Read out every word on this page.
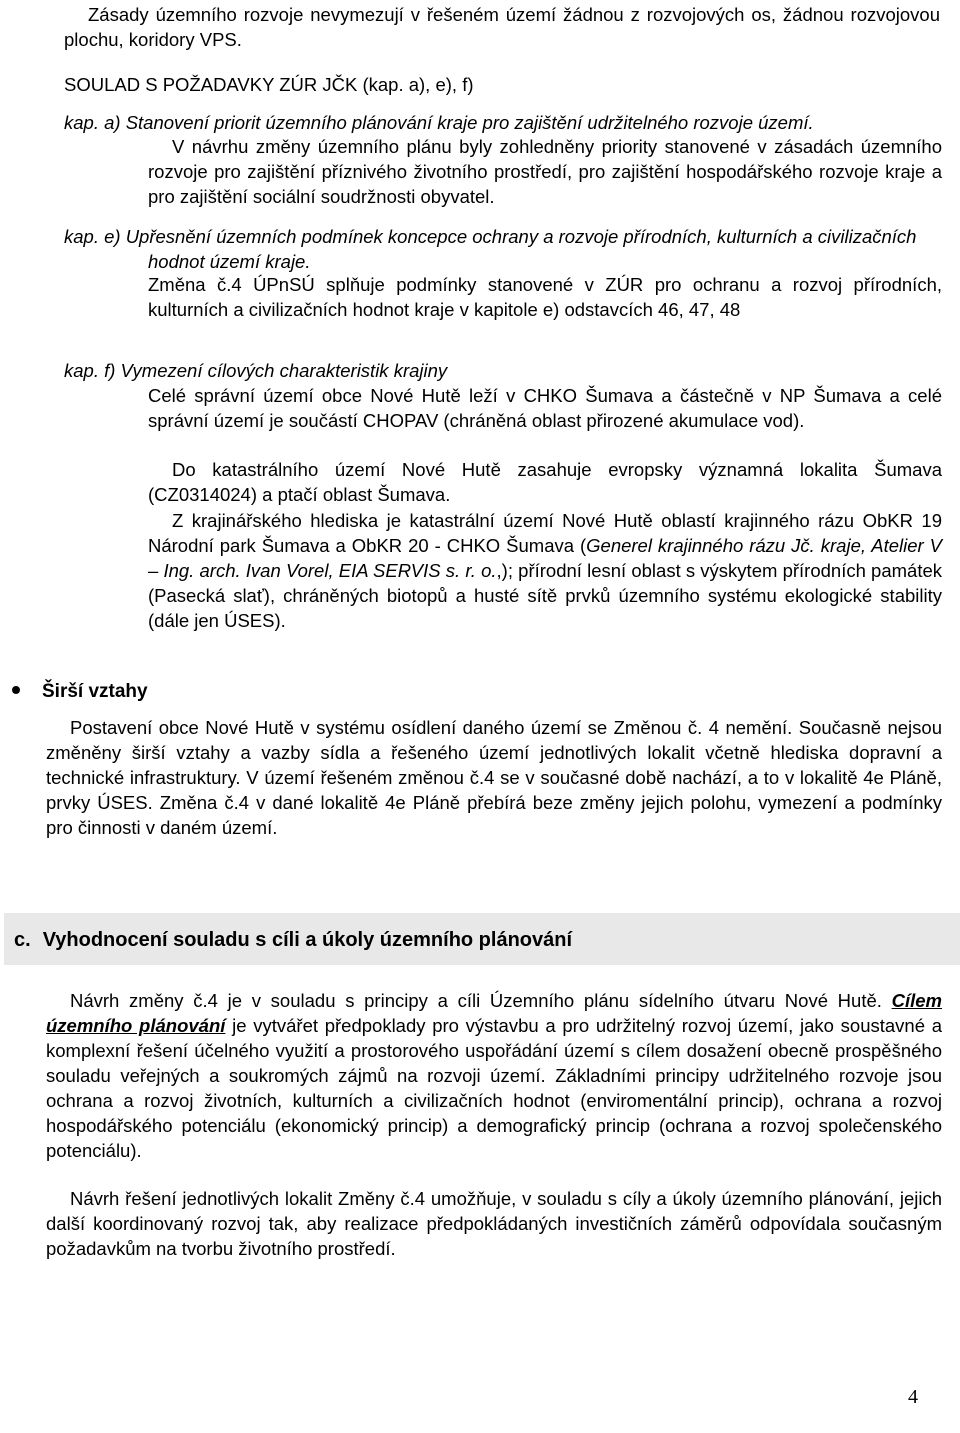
Zásady územního rozvoje nevymezují v řešeném území žádnou z rozvojových os, žádnou rozvojovou plochu, koridory VPS.

SOULAD S POŽADAVKY ZÚR JČK (kap. a), e), f)

kap. a) Stanovení priorit územního plánování kraje pro zajištění udržitelného rozvoje území.

V návrhu změny územního plánu byly zohledněny priority stanovené v zásadách územního rozvoje pro zajištění příznivého životního prostředí, pro zajištění hospodářského rozvoje kraje a pro zajištění sociální soudržnosti obyvatel.

kap. e) Upřesnění územních podmínek koncepce ochrany a rozvoje přírodních, kulturních a civilizačních hodnot území kraje.

Změna č.4 ÚPnSÚ splňuje podmínky stanovené v ZÚR pro ochranu a rozvoj přírodních, kulturních a civilizačních hodnot kraje v kapitole e) odstavcích 46, 47, 48

kap. f) Vymezení cílových charakteristik krajiny

Celé správní území obce Nové Hutě leží v CHKO Šumava a částečně v NP Šumava a celé správní území je součástí CHOPAV (chráněná oblast přirozené akumulace vod).

Do katastrálního území Nové Hutě zasahuje evropsky významná lokalita Šumava (CZ0314024) a ptačí oblast Šumava.

Z krajinářského hlediska je katastrální území Nové Hutě oblastí krajinného rázu ObKR 19 Národní park Šumava a ObKR 20 - CHKO Šumava (Generel krajinného rázu Jč. kraje, Atelier V – Ing. arch. Ivan Vorel, EIA SERVIS s. r. o.,); přírodní lesní oblast s výskytem přírodních památek (Pasecká slať), chráněných biotopů a husté sítě prvků územního systému ekologické stability (dále jen ÚSES).

Širší vztahy

Postavení obce Nové Hutě v systému osídlení daného území se Změnou č. 4 nemění. Současně nejsou změněny širší vztahy a vazby sídla a řešeného území jednotlivých lokalit včetně hlediska dopravní a technické infrastruktury. V území řešeném změnou č.4 se v současné době nachází, a to v lokalitě 4e Pláně, prvky ÚSES. Změna č.4 v dané lokalitě 4e Pláně přebírá beze změny jejich polohu, vymezení a podmínky pro činnosti v daném území.

c. Vyhodnocení souladu s cíli a úkoly územního plánování

Návrh změny č.4 je v souladu s principy a cíli Územního plánu sídelního útvaru Nové Hutě. Cílem územního plánování je vytvářet předpoklady pro výstavbu a pro udržitelný rozvoj území, jako soustavné a komplexní řešení účelného využití a prostorového uspořádání území s cílem dosažení obecně prospěšného souladu veřejných a soukromých zájmů na rozvoji území. Základními principy udržitelného rozvoje jsou ochrana a rozvoj životních, kulturních a civilizačních hodnot (enviromentální princip), ochrana a rozvoj hospodářského potenciálu (ekonomický princip) a demografický princip (ochrana a rozvoj společenského potenciálu).

Návrh řešení jednotlivých lokalit Změny č.4 umožňuje, v souladu s cíly a úkoly územního plánování, jejich další koordinovaný rozvoj tak, aby realizace předpokládaných investičních záměrů odpovídala současným požadavkům na tvorbu životního prostředí.

4
